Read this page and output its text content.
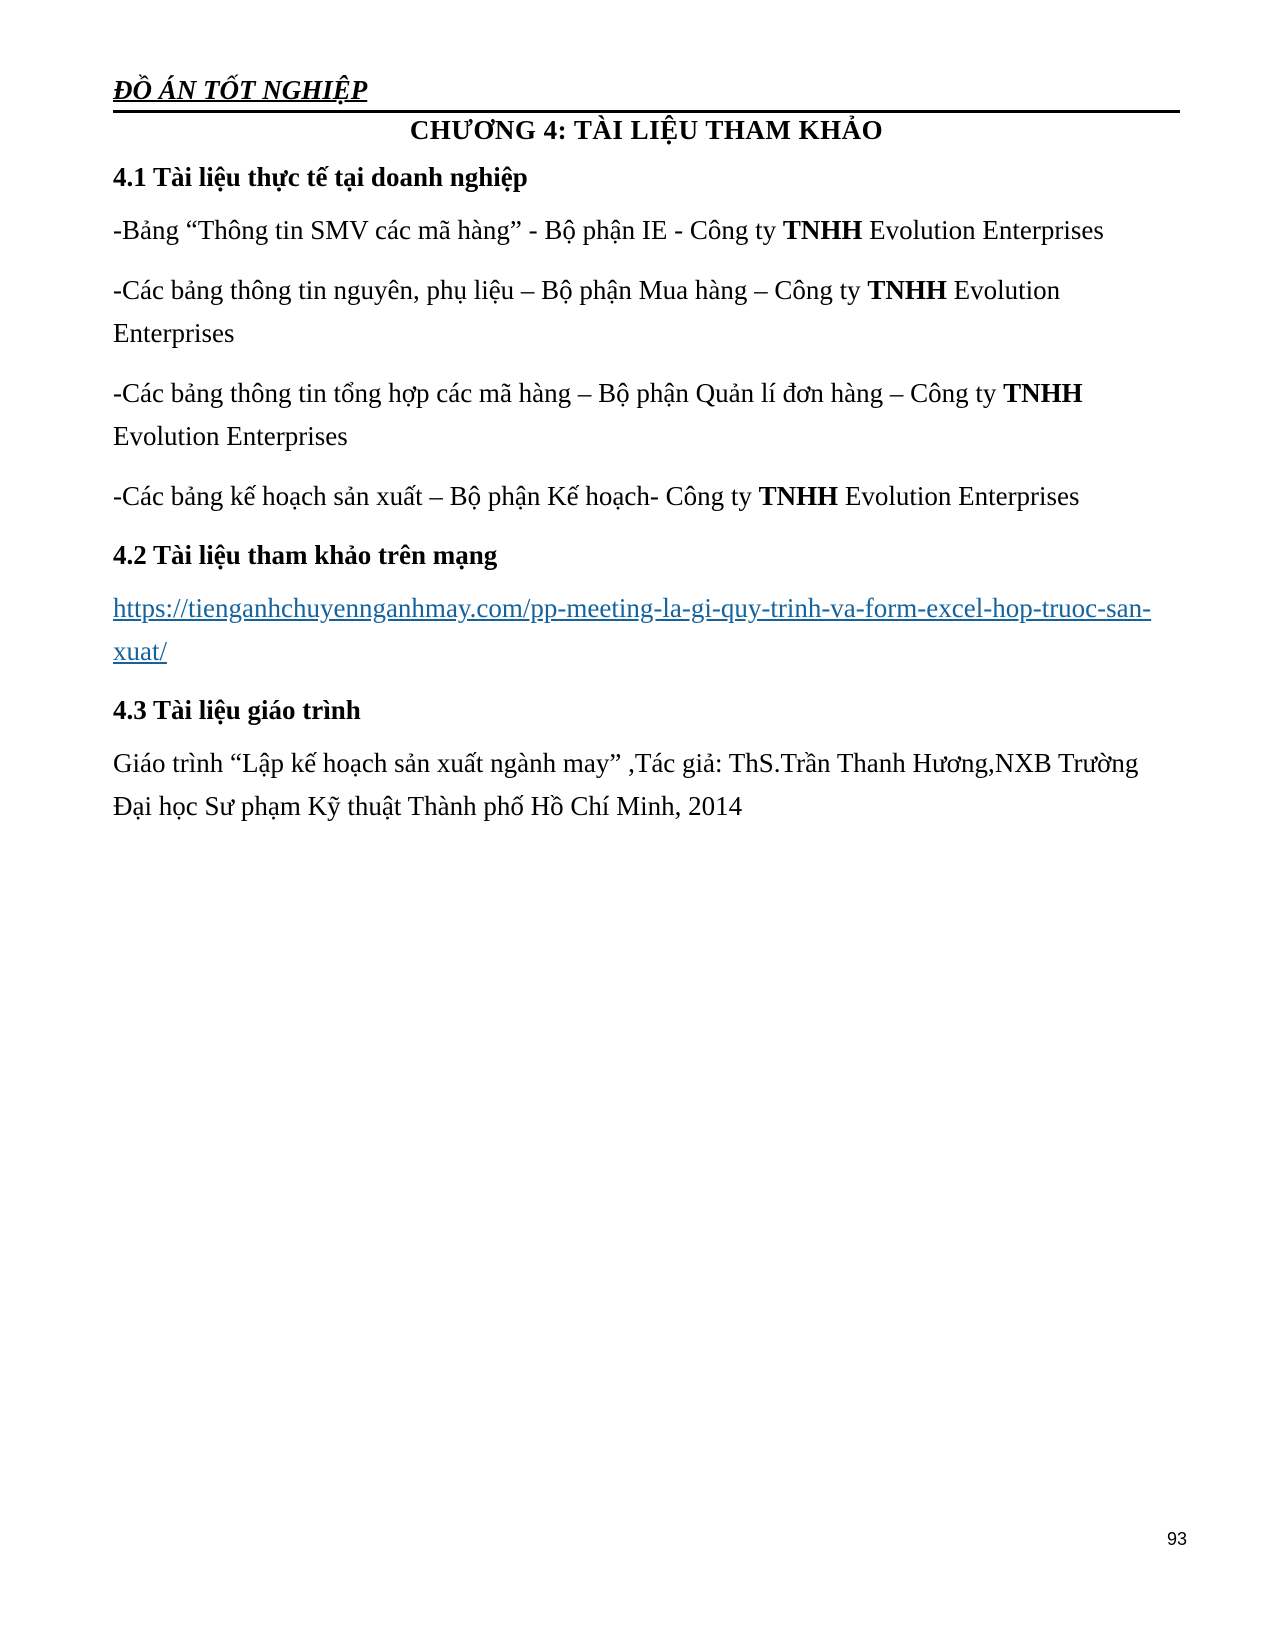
ĐỒ ÁN TỐT NGHIỆP
CHƯƠNG 4: TÀI LIỆU THAM KHẢO
4.1 Tài liệu thực tế tại doanh nghiệp

-Bảng “Thông tin SMV các mã hàng” - Bộ phận IE - Công ty TNHH Evolution Enterprises

-Các bảng thông tin nguyên, phụ liệu – Bộ phận Mua hàng – Công ty TNHH Evolution
Enterprises

-Các bảng thông tin tổng hợp các mã hàng – Bộ phận Quản lí đơn hàng – Công ty TNHH
Evolution Enterprises

-Các bảng kế hoạch sản xuất – Bộ phận Kế hoạch- Công ty TNHH Evolution Enterprises

4.2 Tài liệu tham khảo trên mạng

https://tienganhchuyennganhmay.com/pp-meeting-la-gi-quy-trinh-va-form-excel-hop-truoc-san-
xuat/

4.3 Tài liệu giáo trình

Giáo trình “Lập kế hoạch sản xuất ngành may” ,Tác giả: ThS.Trần Thanh Hương,NXB Trường
Đại học Sư phạm Kỹ thuật Thành phố Hồ Chí Minh, 2014

93
